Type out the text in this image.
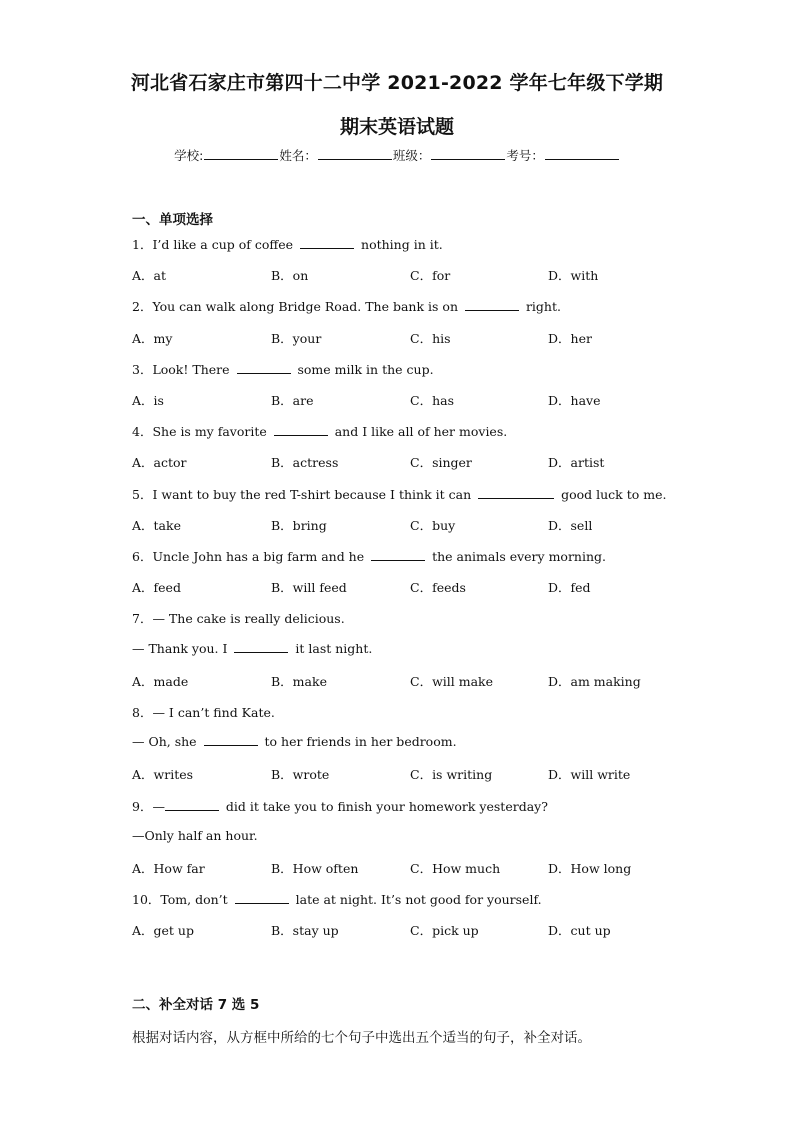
河北省石家庄市第四十二中学 2021-2022 学年七年级下学期
期末英语试题
学校:	姓名：	班级：	考号：
一、单项选择
1．I’d like a cup of coffee	nothing in it.
A．at	B．on	C．for	D．with
2．You can walk along Bridge Road. The bank is on	right.
A．my	B．your	C．his	D．her
3．Look! There	some milk in the cup.
A．is	B．are	C．has	D．have
4．She is my favorite	and I like all of her movies.
A．actor	B．actress	C．singer	D．artist
5．I want to buy the red T-shirt because I think it can	good luck to me.
A．take	B．bring	C．buy	D．sell
6．Uncle John has a big farm and he	the animals every morning.
A．feed	B．will feed	C．feeds	D．fed
7．— The cake is really delicious.
— Thank you. I	it last night.
A．made	B．make	C．will make	D．am making
8．— I can’t find Kate.
— Oh, she	to her friends in her bedroom.
A．writes	B．wrote	C．is writing	D．will write
9．—	did it take you to finish your homework yesterday?
—Only half an hour.
A．How far	B．How often	C．How much	D．How long
10．Tom, don’t	late at night. It’s not good for yourself.
A．get up	B．stay up	C．pick up	D．cut up
二、补全对话 7 选 5
根据对话内容，从方框中所给的七个句子中选出五个适当的句子，补全对话。
